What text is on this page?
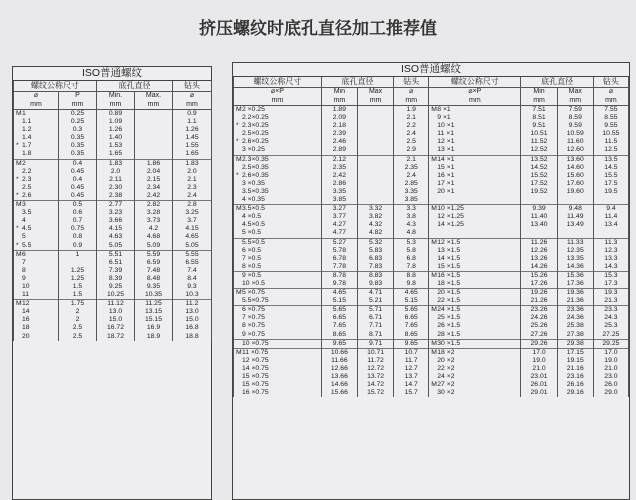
挤压螺纹时底孔直径加工推荐值
ISO普通螺纹
螺纹公称尺寸		底孔直径		钻头
⌀
mm	P
mm	Min.
mm	Max.
mm	⌀
mm
M1	0.25	0.89		0.9
1.1	0.25	1.09		1.1
1.2	0.3	1.26		1.26
1.4	0.35	1.40		1.45
* 1.7	0.35	1.53		1.55
1.8	0.35	1.65		1.65
M2	0.4	1.83	1.86	1.83
2.2	0.45	2.0	2.04	2.0
* 2.3	0.4	2.11	2.15	2.1
2.5	0.45	2.30	2.34	2.3
* 2.6	0.45	2.38	2.42	2.4
M3	0.5	2.77	2.82	2.8
3.5	0.6	3.23	3.28	3.25
4	0.7	3.66	3.73	3.7
* 4.5	0.75	4.15	4.2	4.15
5	0.8	4.63	4.68	4.65
* 5.5	0.9	5.05	5.09	5.05
M6	1	5.51	5.59	5.55
7		6.51	6.59	6.55
8	1.25	7.39	7.48	7.4
9	1.25	8.39	8.48	8.4
10	1.5	9.25	9.35	9.3
11	1.5	10.25	10.35	10.3
M12	1.75	11.12	11.25	11.2
14	2	13.0	13.15	13.0
16	2	15.0	15.15	15.0
18	2.5	16.72	16.9	16.8
20	2.5	18.72	18.9	18.8
ISO普通螺纹
螺纹公称尺寸	底孔直径		钻头	螺纹公称尺寸	底孔直径		钻头
⌀×P
mm	Min
mm	Max
mm	⌀
mm	⌀×P
mm	Min
mm	Max
mm	⌀
mm
M2 ×0.25	1.89		1.9	M8 ×1	7.51	7.59	7.55
2.2×0.25	2.09		2.1	9 ×1	8.51	8.59	8.55
* 2.3×0.25	2.18		2.2	10 ×1	9.51	9.59	9.55
2.5×0.25	2.39		2.4	11 ×1	10.51	10.59	10.55
* 2.6×0.25	2.46		2.5	12 ×1	11.52	11.60	11.5
3 ×0.25	2.89		2.9	13 ×1	12.52	12.60	12.5
M2.3×0.35	2.12		2.1	M14 ×1	13.52	13.60	13.5
2.5×0.35	2.35		2.35	15 ×1	14.52	14.60	14.5
* 2.6×0.35	2.42		2.4	16 ×1	15.52	15.60	15.5
3 ×0.35	2.86		2.85	17 ×1	17.52	17.60	17.5
3.5×0.35	3.35		3.35	20 ×1	19.52	19.60	19.5
4 ×0.35	3.85		3.85				
M3.5×0.5	3.27	3.32	3.3	M10 ×1.25	9.39	9.48	9.4
4 ×0.5	3.77	3.82	3.8	12 ×1.25	11.40	11.49	11.4
4.5×0.5	4.27	4.32	4.3	14 ×1.25	13.40	13.49	13.4
5 ×0.5	4.77	4.82	4.8				
5.5×0.5	5.27	5.32	5.3	M12 ×1.5	11.26	11.33	11.3
6 ×0.5	5.78	5.83	5.8	13 ×1.5	12.26	12.35	12.3
7 ×0.5	6.78	6.83	6.8	14 ×1.5	13.26	13.35	13.3
8 ×0.5	7.78	7.83	7.8	15 ×1.5	14.26	14.36	14.3
9 ×0.5	8.78	8.83	8.8	M16 ×1.5	15.26	15.36	15.3
10 ×0.5	9.78	9.83	9.8	18 ×1.5	17.26	17.36	17.3
M5 ×0.75	4.65	4.71	4.65	20 ×1.5	19.26	19.36	19.3
5.5×0.75	5.15	5.21	5.15	22 ×1.5	21.26	21.36	21.3
6 ×0.75	5.65	5.71	5.65	M24 ×1.5	23.26	23.36	23.3
7 ×0.75	6.65	6.71	6.65	25 ×1.5	24.26	24.36	24.3
8 ×0.75	7.65	7.71	7.65	26 ×1.5	25.26	25.38	25.3
9 ×0.75	8.65	8.71	8.65	28 ×1.5	27.26	27.38	27.25
10 ×0.75	9.65	9.71	9.65	M30 ×1.5	29.26	29.38	29.25
M11 ×0.75	10.66	10.71	10.7	M18 ×2	17.0	17.15	17.0
12 ×0.75	11.66	11.72	11.7	20 ×2	19.0	19.15	19.0
14 ×0.75	12.66	12.72	12.7	22 ×2	21.0	21.16	21.0
15 ×0.75	13.66	13.72	13.7	24 ×2	23.01	23.16	23.0
15 ×0.75	14.66	14.72	14.7	M27 ×2	26.01	26.16	26.0
16 ×0.75	15.66	15.72	15.7	30 ×2	29.01	29.16	29.0
